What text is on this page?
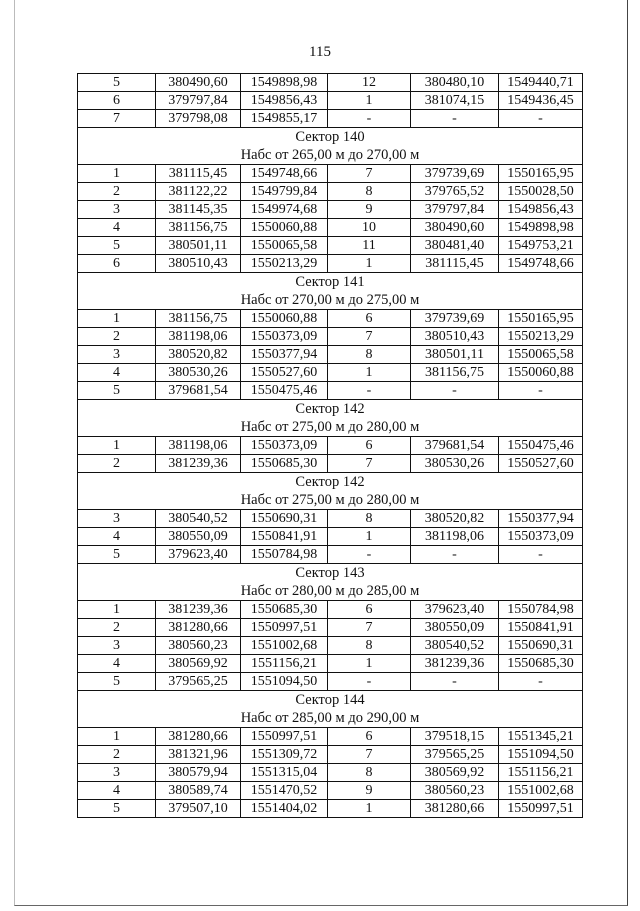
115
5	380490,60	1549898,98	12	380480,10	1549440,71
6	379797,84	1549856,43	1	381074,15	1549436,45
7	379798,08	1549855,17	-	-	-
Сектор 140					
Набс от 265,00 м до 270,00 м					
1	381115,45	1549748,66	7	379739,69	1550165,95
2	381122,22	1549799,84	8	379765,52	1550028,50
3	381145,35	1549974,68	9	379797,84	1549856,43
4	381156,75	1550060,88	10	380490,60	1549898,98
5	380501,11	1550065,58	11	380481,40	1549753,21
6	380510,43	1550213,29	1	381115,45	1549748,66
Сектор 141					
Набс от 270,00 м до 275,00 м					
1	381156,75	1550060,88	6	379739,69	1550165,95
2	381198,06	1550373,09	7	380510,43	1550213,29
3	380520,82	1550377,94	8	380501,11	1550065,58
4	380530,26	1550527,60	1	381156,75	1550060,88
5	379681,54	1550475,46	-	-	-
Сектор 142					
Набс от 275,00 м до 280,00 м					
1	381198,06	1550373,09	6	379681,54	1550475,46
2	381239,36	1550685,30	7	380530,26	1550527,60
Сектор 142					
Набс от 275,00 м до 280,00 м					
3	380540,52	1550690,31	8	380520,82	1550377,94
4	380550,09	1550841,91	1	381198,06	1550373,09
5	379623,40	1550784,98	-	-	-
Сектор 143					
Набс от 280,00 м до 285,00 м					
1	381239,36	1550685,30	6	379623,40	1550784,98
2	381280,66	1550997,51	7	380550,09	1550841,91
3	380560,23	1551002,68	8	380540,52	1550690,31
4	380569,92	1551156,21	1	381239,36	1550685,30
5	379565,25	1551094,50	-	-	-
Сектор 144					
Набс от 285,00 м до 290,00 м					
1	381280,66	1550997,51	6	379518,15	1551345,21
2	381321,96	1551309,72	7	379565,25	1551094,50
3	380579,94	1551315,04	8	380569,92	1551156,21
4	380589,74	1551470,52	9	380560,23	1551002,68
5	379507,10	1551404,02	1	381280,66	1550997,51
